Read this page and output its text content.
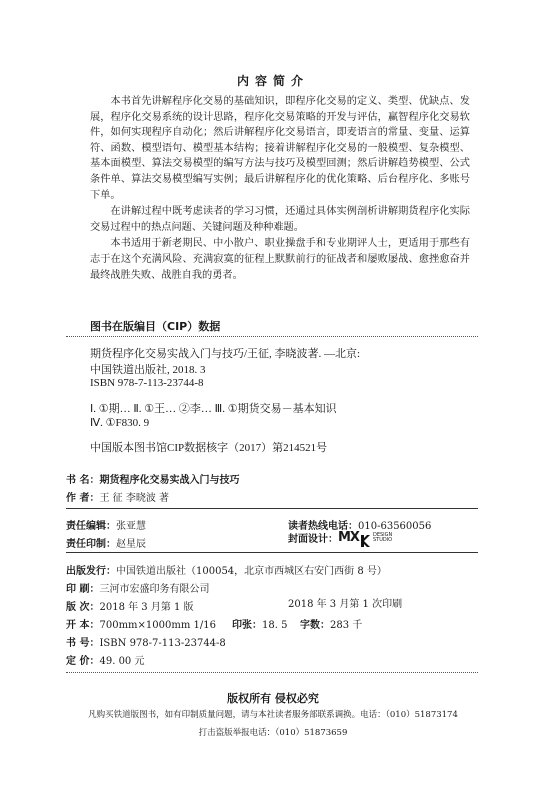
内容简介

本书首先讲解程序化交易的基础知识，即程序化交易的定义、类型、优缺点、发展，程序化交易系统的设计思路，程序化交易策略的开发与评估，赢智程序化交易软件，如何实现程序自动化；然后讲解程序化交易语言，即麦语言的常量、变量、运算符、函数、模型语句、模型基本结构；接着讲解程序化交易的一般模型、复杂模型、基本面模型、算法交易模型的编写方法与技巧及模型回测；然后讲解趋势模型、公式条件单、算法交易模型编写实例；最后讲解程序化的优化策略、后台程序化、多账号下单。

在讲解过程中既考虑读者的学习习惯，还通过具体实例剖析讲解期货程序化实际交易过程中的热点问题、关键问题及种种难题。

本书适用于新老期民、中小散户、职业操盘手和专业期评人士，更适用于那些有志于在这个充满风险、充满寂寞的征程上默默前行的征战者和屡败屡战、愈挫愈奋并最终战胜失败、战胜自我的勇者。

图书在版编目（CIP）数据
期货程序化交易实战入门与技巧/王征, 李晓波著. —北京:
中国铁道出版社, 2018. 3
ISBN 978-7-113-23744-8
Ⅰ. ①期… Ⅱ. ①王… ②李… Ⅲ. ①期货交易－基本知识
Ⅳ. ①F830. 9
中国版本图书馆CIP数据核字（2017）第214521号
书 名：期货程序化交易实战入门与技巧
作 者：王 征 李晓波 著
责任编辑：张亚慧	读者热线电话：010-63560056
责任印制：赵星辰	封面设计： MX	DESIGN
STUDIO
出版发行：中国铁道出版社（100054，北京市西城区右安门西街 8 号）
印 刷：三河市宏盛印务有限公司
版 次：2018 年 3 月第 1 版	2018 年 3 月第 1 次印刷
开 本：700mm×1000mm 1/16 印张：18. 5 字数：283 千
书 号：ISBN 978-7-113-23744-8
定 价：49. 00 元
版权所有 侵权必究
凡购买铁道版图书，如有印制质量问题，请与本社读者服务部联系调换。电话：（010）51873174
打击盗版举报电话：（010）51873659
